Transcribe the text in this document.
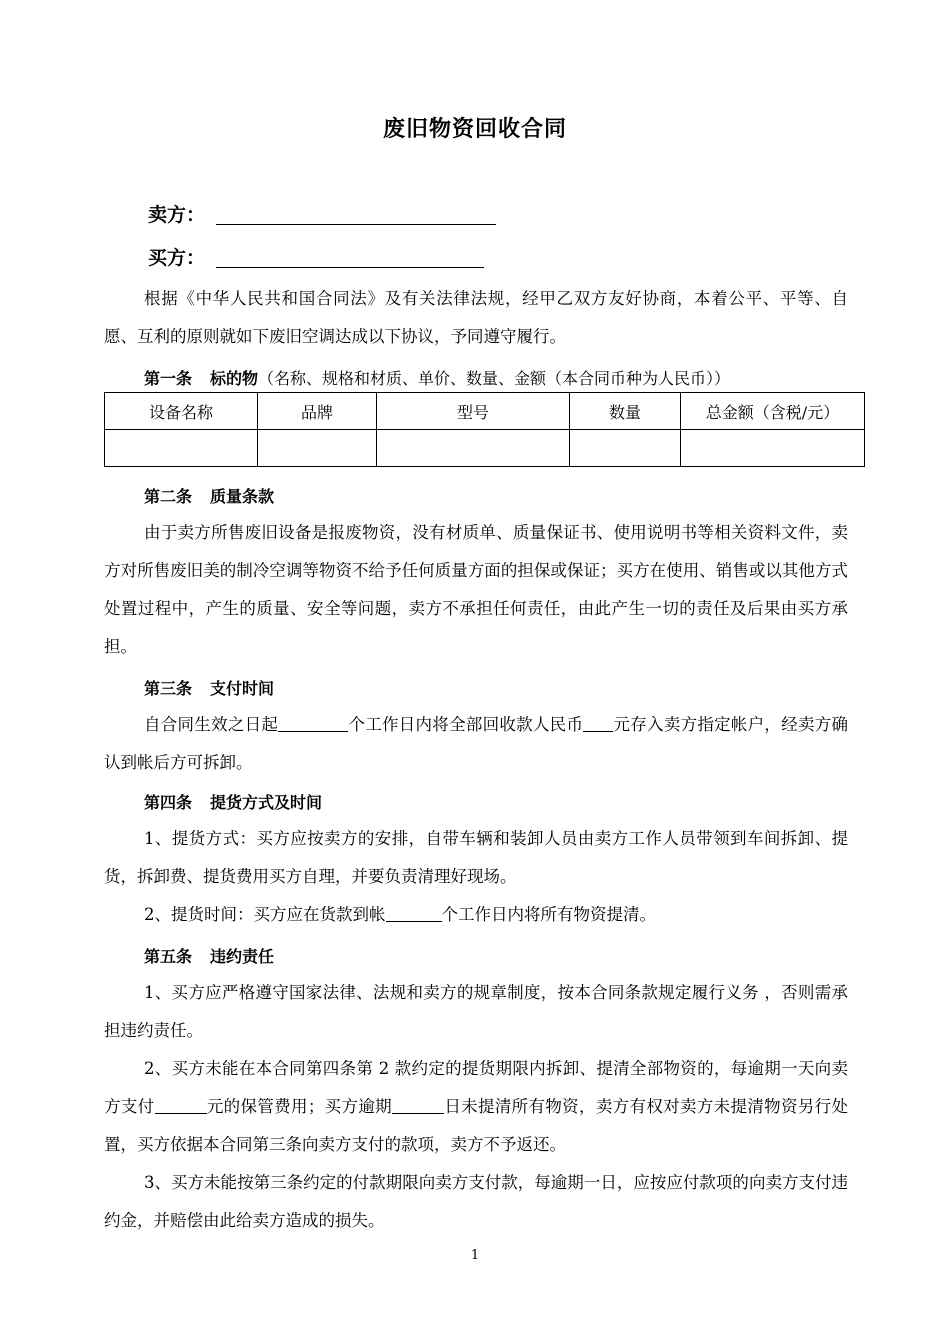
废旧物资回收合同
卖方：
买方：

根据《中华人民共和国合同法》及有关法律法规，经甲乙双方友好协商，本着公平、平等、自愿、互利的原则就如下废旧空调达成以下协议，予同遵守履行。

第一条 标的物（名称、规格和材质、单价、数量、金额（本合同币种为人民币））
设备名称	品牌	型号	数量	总金额（含税/元）

第二条 质量条款

由于卖方所售废旧设备是报废物资，没有材质单、质量保证书、使用说明书等相关资料文件，卖方对所售废旧美的制冷空调等物资不给予任何质量方面的担保或保证；买方在使用、销售或以其他方式处置过程中，产生的质量、安全等问题，卖方不承担任何责任，由此产生一切的责任及后果由买方承担。

第三条 支付时间

自合同生效之日起	个工作日内将全部回收款人民币 元存入卖方指定帐户，经卖方确认到帐后方可拆卸。

第四条 提货方式及时间

1、提货方式：买方应按卖方的安排，自带车辆和装卸人员由卖方工作人员带领到车间拆卸、提货，拆卸费、提货费用买方自理，并要负责清理好现场。

2、提货时间：买方应在货款到帐	个工作日内将所有物资提清。

第五条 违约责任

1、买方应严格遵守国家法律、法规和卖方的规章制度，按本合同条款规定履行义务 ，否则需承担违约责任。

2、买方未能在本合同第四条第 2 款约定的提货期限内拆卸、提清全部物资的，每逾期一天向卖方支付	元的保管费用；买方逾期	日未提清所有物资，卖方有权对卖方未提清物资另行处置，买方依据本合同第三条向卖方支付的款项，卖方不予返还。

3、买方未能按第三条约定的付款期限向卖方支付款，每逾期一日，应按应付款项的向卖方支付违约金，并赔偿由此给卖方造成的损失。

1
